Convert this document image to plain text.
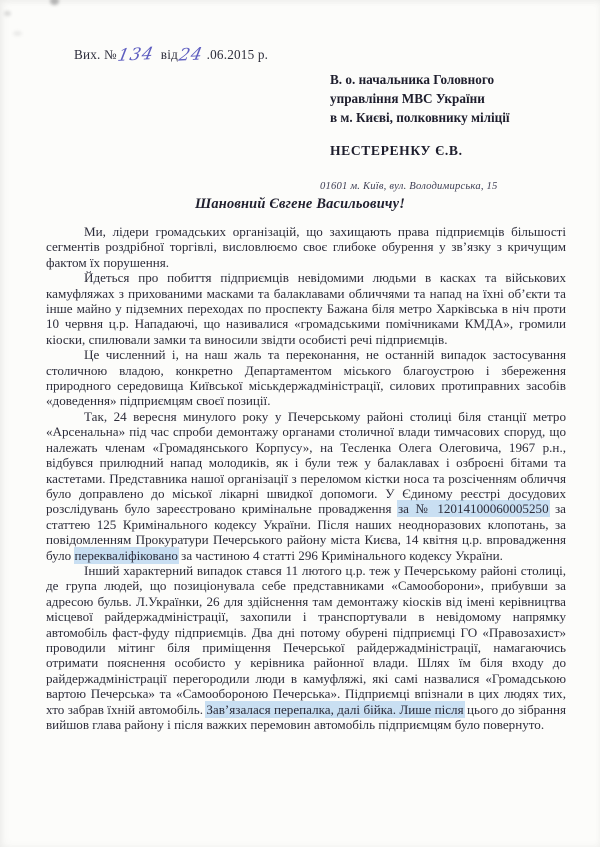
Вих. №134 від24 .06.2015 р.

В. о. начальника Головного

управління МВС України

в м. Києві, полковнику міліції

НЕСТЕРЕНКУ Є.В.

01601 м. Київ, вул. Володимирська, 15

Шановний Євгене Васильовичу!

Ми, лідери громадських організацій, що захищають права підприємців більшості сегментів роздрібної торгівлі, висловлюємо своє глибоке обурення у зв’язку з кричущим фактом їх порушення.

Йдеться про побиття підприємців невідомими людьми в касках та військових камуфляжах з прихованими масками та балаклавами обличчями та напад на їхні об’єкти та інше майно у підземних переходах по проспекту Бажана біля метро Харківська в ніч проти 10 червня ц.р. Нападаючі, що називалися «громадськими помічниками КМДА», громили кіоски, спилювали замки та виносили звідти особисті речі підприємців.

Це численний і, на наш жаль та переконання, не останній випадок застосування столичною владою, конкретно Департаментом міського благоустрою і збереження природного середовища Київської міськдержадміністрації, силових протиправних засобів «доведення» підприємцям своєї позиції.

Так, 24 вересня минулого року у Печерському районі столиці біля станції метро «Арсенальна» під час спроби демонтажу органами столичної влади тимчасових споруд, що належать членам «Громадянського Корпусу», на Тесленка Олега Олеговича, 1967 р.н., відбувся прилюдний напад молодиків, як і були теж у балаклавах і озброєні бітами та кастетами. Представника нашої організації з переломом кістки носа та розсіченням обличчя було доправлено до міської лікарні швидкої допомоги. У Єдиному реєстрі досудових розслідувань було зареєстровано кримінальне провадження за № 12014100060005250 за статтею 125 Кримінального кодексу України. Після наших неодноразових клопотань, за повідомленням Прокуратури Печерського району міста Києва, 14 квітня ц.р. впровадження було перекваліфіковано за частиною 4 статті 296 Кримінального кодексу України.

Інший характерний випадок стався 11 лютого ц.р. теж у Печерському районі столиці, де група людей, що позиціонувала себе представниками «Самооборони», прибувши за адресою бульв. Л.Українки, 26 для здійснення там демонтажу кіосків від імені керівництва місцевої райдержадміністрації, захопили і транспортували в невідомому напрямку автомобіль фаст-фуду підприємців. Два дні потому обурені підприємці ГО «Правозахист» проводили мітинг біля приміщення Печерської райдержадміністрації, намагаючись отримати пояснення особисто у керівника районної влади. Шлях їм біля входу до райдержадміністрації перегородили люди в камуфляжі, які самі назвалися «Громадською вартою Печерська» та «Самообороною Печерська». Підприємці впізнали в цих людях тих, хто забрав їхній автомобіль. Зав’язалася перепалка, далі бійка. Лише після цього до зібрання вийшов глава району і після важких перемовин автомобіль підприємцям було повернуто.
